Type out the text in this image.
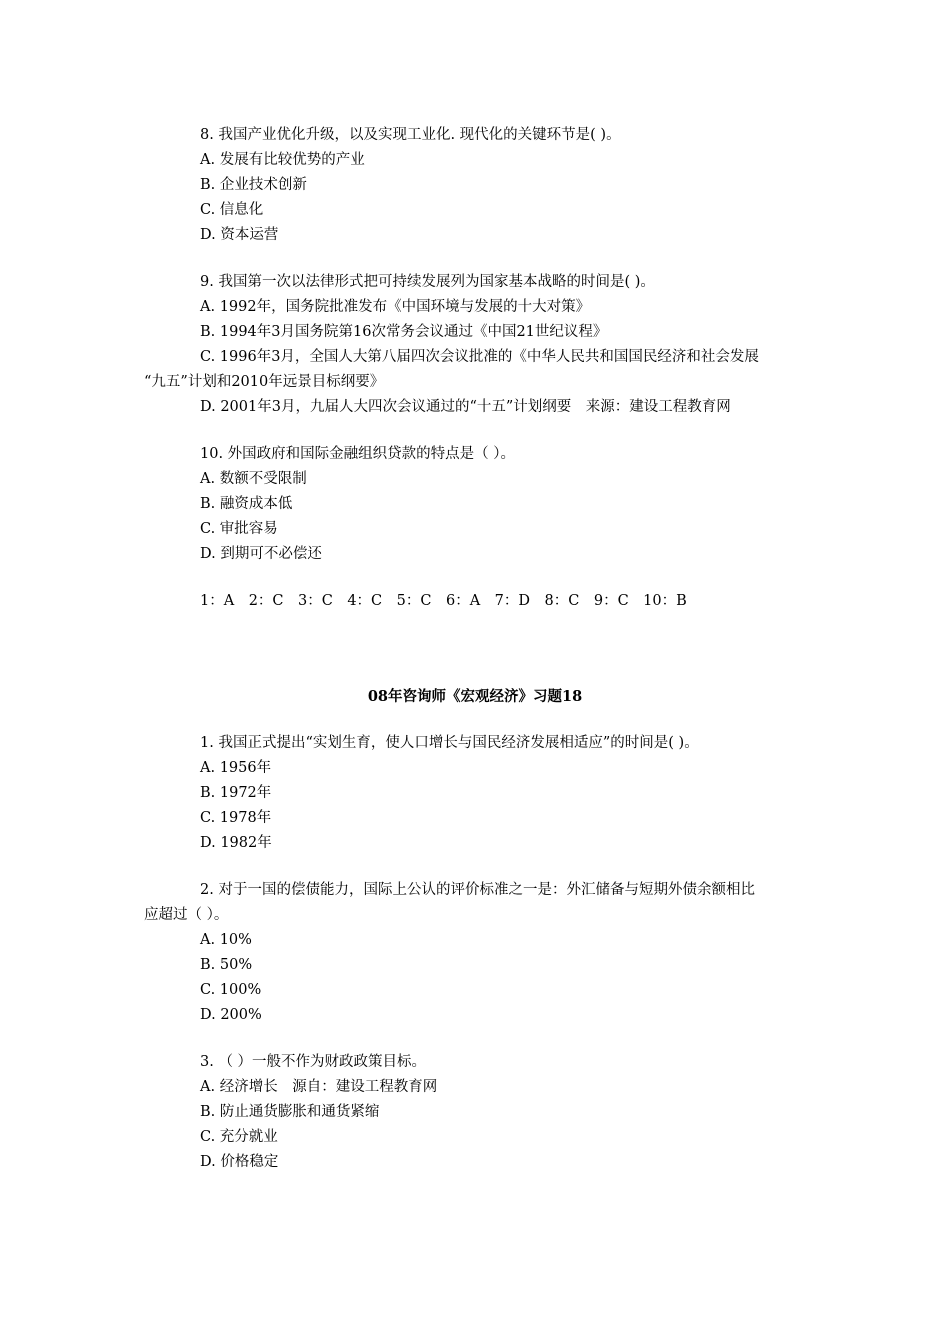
8. 我国产业优化升级，以及实现工业化. 现代化的关键环节是( )。
A. 发展有比较优势的产业
B. 企业技术创新
C. 信息化
D. 资本运营
9. 我国第一次以法律形式把可持续发展列为国家基本战略的时间是( )。
A. 1992年，国务院批准发布《中国环境与发展的十大对策》
B. 1994年3月国务院第16次常务会议通过《中国21世纪议程》
C. 1996年3月，全国人大第八届四次会议批准的《中华人民共和国国民经济和社会发展
“九五”计划和2010年远景目标纲要》
D. 2001年3月，九届人大四次会议通过的“十五”计划纲要　来源：建设工程教育网
10. 外国政府和国际金融组织贷款的特点是（ ）。
A. 数额不受限制
B. 融资成本低
C. 审批容易
D. 到期可不必偿还
1：A　2：C　3：C　4：C　5：C　6：A　7：D　8：C　9：C　10：B
08年咨询师《宏观经济》习题18
1. 我国正式提出“实划生育，使人口增长与国民经济发展相适应”的时间是( )。
A. 1956年
B. 1972年
C. 1978年
D. 1982年
2. 对于一国的偿债能力，国际上公认的评价标准之一是：外汇储备与短期外债余额相比
应超过（ ）。
A. 10%
B. 50%
C. 100%
D. 200%
3. （ ）一般不作为财政政策目标。
A. 经济增长　源自：建设工程教育网
B. 防止通货膨胀和通货紧缩
C. 充分就业
D. 价格稳定
